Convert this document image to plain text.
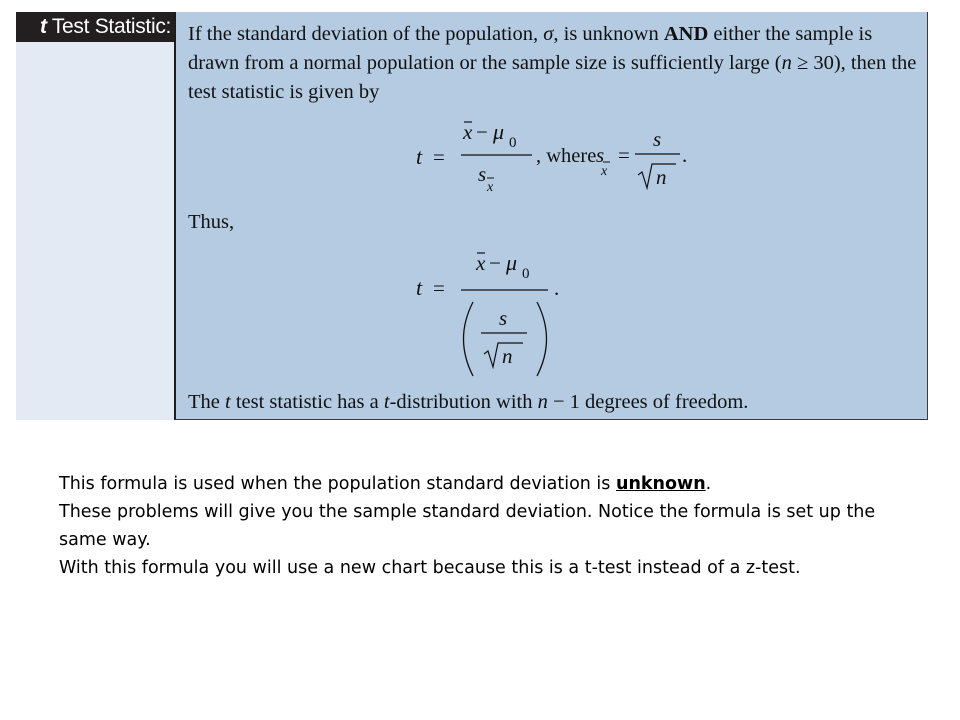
t Test Statistic: If the standard deviation of the population, σ, is unknown AND either the sample is drawn from a normal population or the sample size is sufficiently large (n ≥ 30), then the test statistic is given by
t =
x − μ 0
s
x
, where s
x
=
s
n
.
t =
x − μ 0
.
s
n
Thus,
The t test statistic has a t-distribution with n − 1 degrees of freedom.

This formula is used when the population standard deviation is unknown.

These problems will give you the sample standard deviation. Notice the formula is set up the same way.

With this formula you will use a new chart because this is a t-test instead of a z-test.
